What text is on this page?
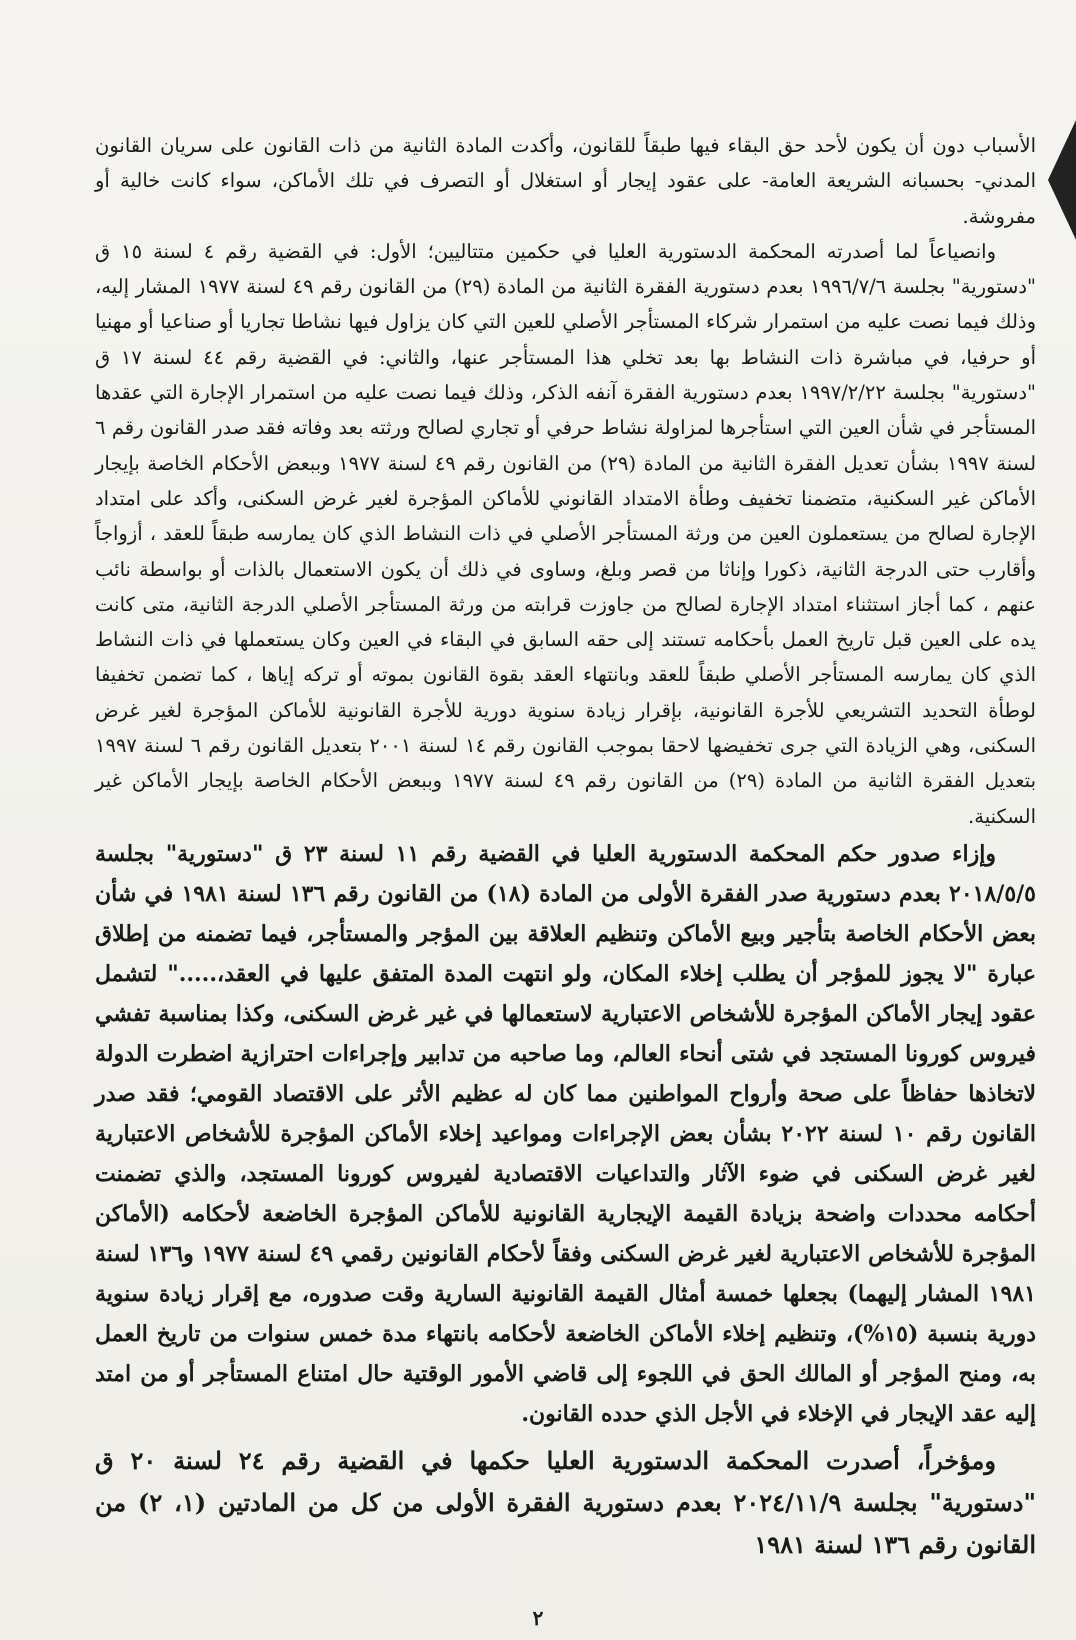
الأسباب دون أن يكون لأحد حق البقاء فيها طبقاً للقانون، وأكدت المادة الثانية من ذات القانون على سريان القانون المدني- بحسبانه الشريعة العامة- على عقود إيجار أو استغلال أو التصرف في تلك الأماكن، سواء كانت خالية أو مفروشة.

وانصياعاً لما أصدرته المحكمة الدستورية العليا في حكمين متتاليين؛ الأول: في القضية رقم ٤ لسنة ١٥ ق "دستورية" بجلسة ١٩٩٦/٧/٦ بعدم دستورية الفقرة الثانية من المادة (٢٩) من القانون رقم ٤٩ لسنة ١٩٧٧ المشار إليه، وذلك فيما نصت عليه من استمرار شركاء المستأجر الأصلي للعين التي كان يزاول فيها نشاطا تجاريا أو صناعيا أو مهنيا أو حرفيا، في مباشرة ذات النشاط بها بعد تخلي هذا المستأجر عنها، والثاني: في القضية رقم ٤٤ لسنة ١٧ ق "دستورية" بجلسة ١٩٩٧/٢/٢٢ بعدم دستورية الفقرة آنفه الذكر، وذلك فيما نصت عليه من استمرار الإجارة التي عقدها المستأجر في شأن العين التي استأجرها لمزاولة نشاط حرفي أو تجاري لصالح ورثته بعد وفاته فقد صدر القانون رقم ٦ لسنة ١٩٩٧ بشأن تعديل الفقرة الثانية من المادة (٢٩) من القانون رقم ٤٩ لسنة ١٩٧٧ وببعض الأحكام الخاصة بإيجار الأماكن غير السكنية، متضمنا تخفيف وطأة الامتداد القانوني للأماكن المؤجرة لغير غرض السكنى، وأكد على امتداد الإجارة لصالح من يستعملون العين من ورثة المستأجر الأصلي في ذات النشاط الذي كان يمارسه طبقاً للعقد ، أزواجاً وأقارب حتى الدرجة الثانية، ذكورا وإناثا من قصر وبلغ، وساوى في ذلك أن يكون الاستعمال بالذات أو بواسطة نائب عنهم ، كما أجاز استثناء امتداد الإجارة لصالح من جاوزت قرابته من ورثة المستأجر الأصلي الدرجة الثانية، متى كانت يده على العين قبل تاريخ العمل بأحكامه تستند إلى حقه السابق في البقاء في العين وكان يستعملها في ذات النشاط الذي كان يمارسه المستأجر الأصلي طبقاً للعقد وبانتهاء العقد بقوة القانون بموته أو تركه إياها ، كما تضمن تخفيفا لوطأة التحديد التشريعي للأجرة القانونية، بإقرار زيادة سنوية دورية للأجرة القانونية للأماكن المؤجرة لغير غرض السكنى، وهي الزيادة التي جرى تخفيضها لاحقا بموجب القانون رقم ١٤ لسنة ٢٠٠١ بتعديل القانون رقم ٦ لسنة ١٩٩٧ بتعديل الفقرة الثانية من المادة (٢٩) من القانون رقم ٤٩ لسنة ١٩٧٧ وببعض الأحكام الخاصة بإيجار الأماكن غير السكنية.

وإزاء صدور حكم المحكمة الدستورية العليا في القضية رقم ١١ لسنة ٢٣ ق "دستورية" بجلسة ٢٠١٨/٥/٥ بعدم دستورية صدر الفقرة الأولى من المادة (١٨) من القانون رقم ١٣٦ لسنة ١٩٨١ في شأن بعض الأحكام الخاصة بتأجير وبيع الأماكن وتنظيم العلاقة بين المؤجر والمستأجر، فيما تضمنه من إطلاق عبارة "لا يجوز للمؤجر أن يطلب إخلاء المكان، ولو انتهت المدة المتفق عليها في العقد،....." لتشمل عقود إيجار الأماكن المؤجرة للأشخاص الاعتبارية لاستعمالها في غير غرض السكنى، وكذا بمناسبة تفشي فيروس كورونا المستجد في شتى أنحاء العالم، وما صاحبه من تدابير وإجراءات احترازية اضطرت الدولة لاتخاذها حفاظاً على صحة وأرواح المواطنين مما كان له عظيم الأثر على الاقتصاد القومي؛ فقد صدر القانون رقم ١٠ لسنة ٢٠٢٢ بشأن بعض الإجراءات ومواعيد إخلاء الأماكن المؤجرة للأشخاص الاعتبارية لغير غرض السكنى في ضوء الآثار والتداعيات الاقتصادية لفيروس كورونا المستجد، والذي تضمنت أحكامه محددات واضحة بزيادة القيمة الإيجارية القانونية للأماكن المؤجرة الخاضعة لأحكامه (الأماكن المؤجرة للأشخاص الاعتبارية لغير غرض السكنى وفقاً لأحكام القانونين رقمي ٤٩ لسنة ١٩٧٧ و١٣٦ لسنة ١٩٨١ المشار إليهما) بجعلها خمسة أمثال القيمة القانونية السارية وقت صدوره، مع إقرار زيادة سنوية دورية بنسبة (١٥%)، وتنظيم إخلاء الأماكن الخاضعة لأحكامه بانتهاء مدة خمس سنوات من تاريخ العمل به، ومنح المؤجر أو المالك الحق في اللجوء إلى قاضي الأمور الوقتية حال امتناع المستأجر أو من امتد إليه عقد الإيجار في الإخلاء في الأجل الذي حدده القانون.

ومؤخراً، أصدرت المحكمة الدستورية العليا حكمها في القضية رقم ٢٤ لسنة ٢٠ ق "دستورية" بجلسة ٢٠٢٤/١١/٩ بعدم دستورية الفقرة الأولى من كل من المادتين (١، ٢) من القانون رقم ١٣٦ لسنة ١٩٨١

٢
